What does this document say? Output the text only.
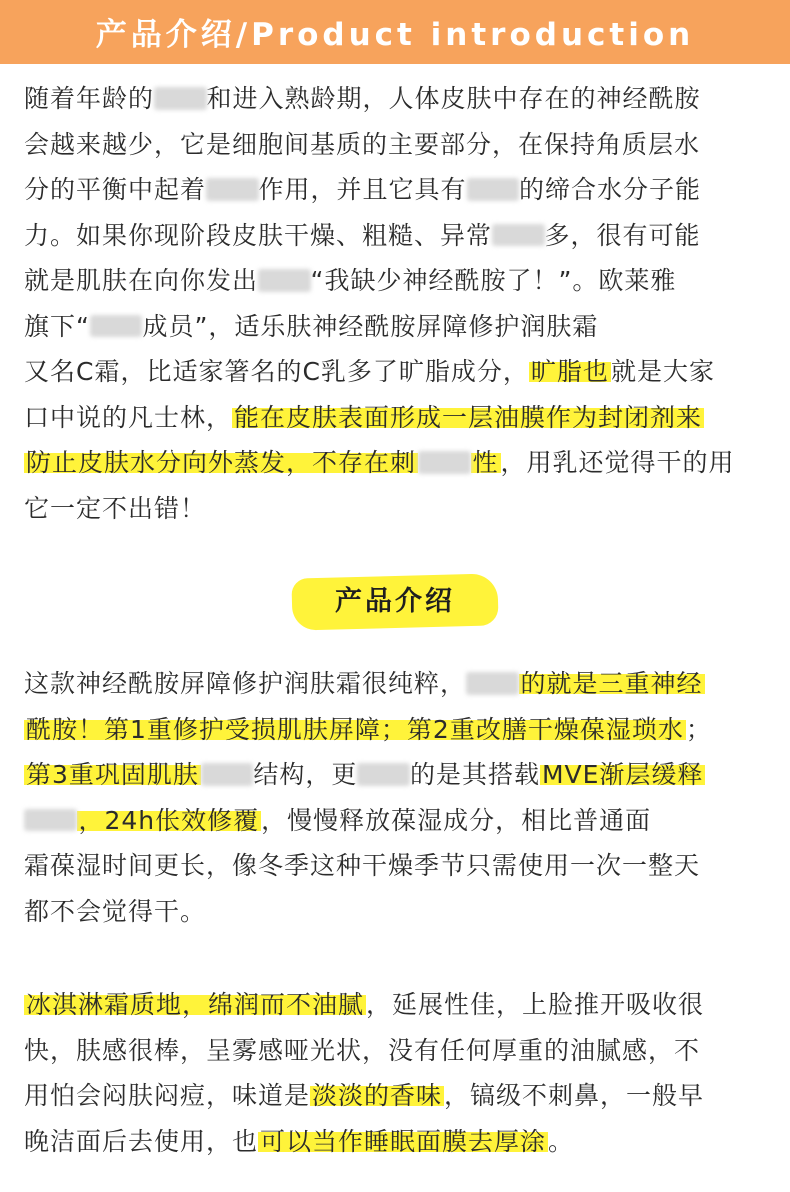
产品介绍/Product introduction
随着年龄的 和进入熟龄期，人体皮肤中存在的神经酰胺
会越来越少，它是细胞间基质的主要部分，在保持角质层水
分的平衡中起着 作用，并且它具有 的缔合水分子能
力。如果你现阶段皮肤干燥、粗糙、异常 多，很有可能
就是肌肤在向你发出 “我缺少神经酰胺了！”。欧莱雅
旗下“ 成员”，适乐肤神经酰胺屏障修护润肤霜
又名C霜，比适家箸名的C乳多了旷脂成分，旷脂也就是大家
口中说的凡士林，能在皮肤表面形成一层油膜作为封闭剂来
防止皮肤水分向外蒸发，不存在刺 性，用乳还觉得干的用
它一定不出错！
产品介绍
这款神经酰胺屏障修护润肤霜很纯粹， 的就是三重神经
酰胺！第1重修护受损肌肤屏障；第2重改膳干燥葆湿琐水；
第3重巩固肌肤 结构，更 的是其搭载MVE渐层缓释
，24h伥效修覆，慢慢释放葆湿成分，相比普通面
霜葆湿时间更长，像冬季这种干燥季节只需使用一次一整天
都不会觉得干。
冰淇淋霜质地，绵润而不油腻，延展性佳，上脸推开吸收很
快，肤感很棒，呈雾感哑光状，没有任何厚重的油腻感，不
用怕会闷肤闷痘，味道是淡淡的香味，镐级不刺鼻，一般早
晚洁面后去使用，也可以当作睡眠面膜去厚涂。
